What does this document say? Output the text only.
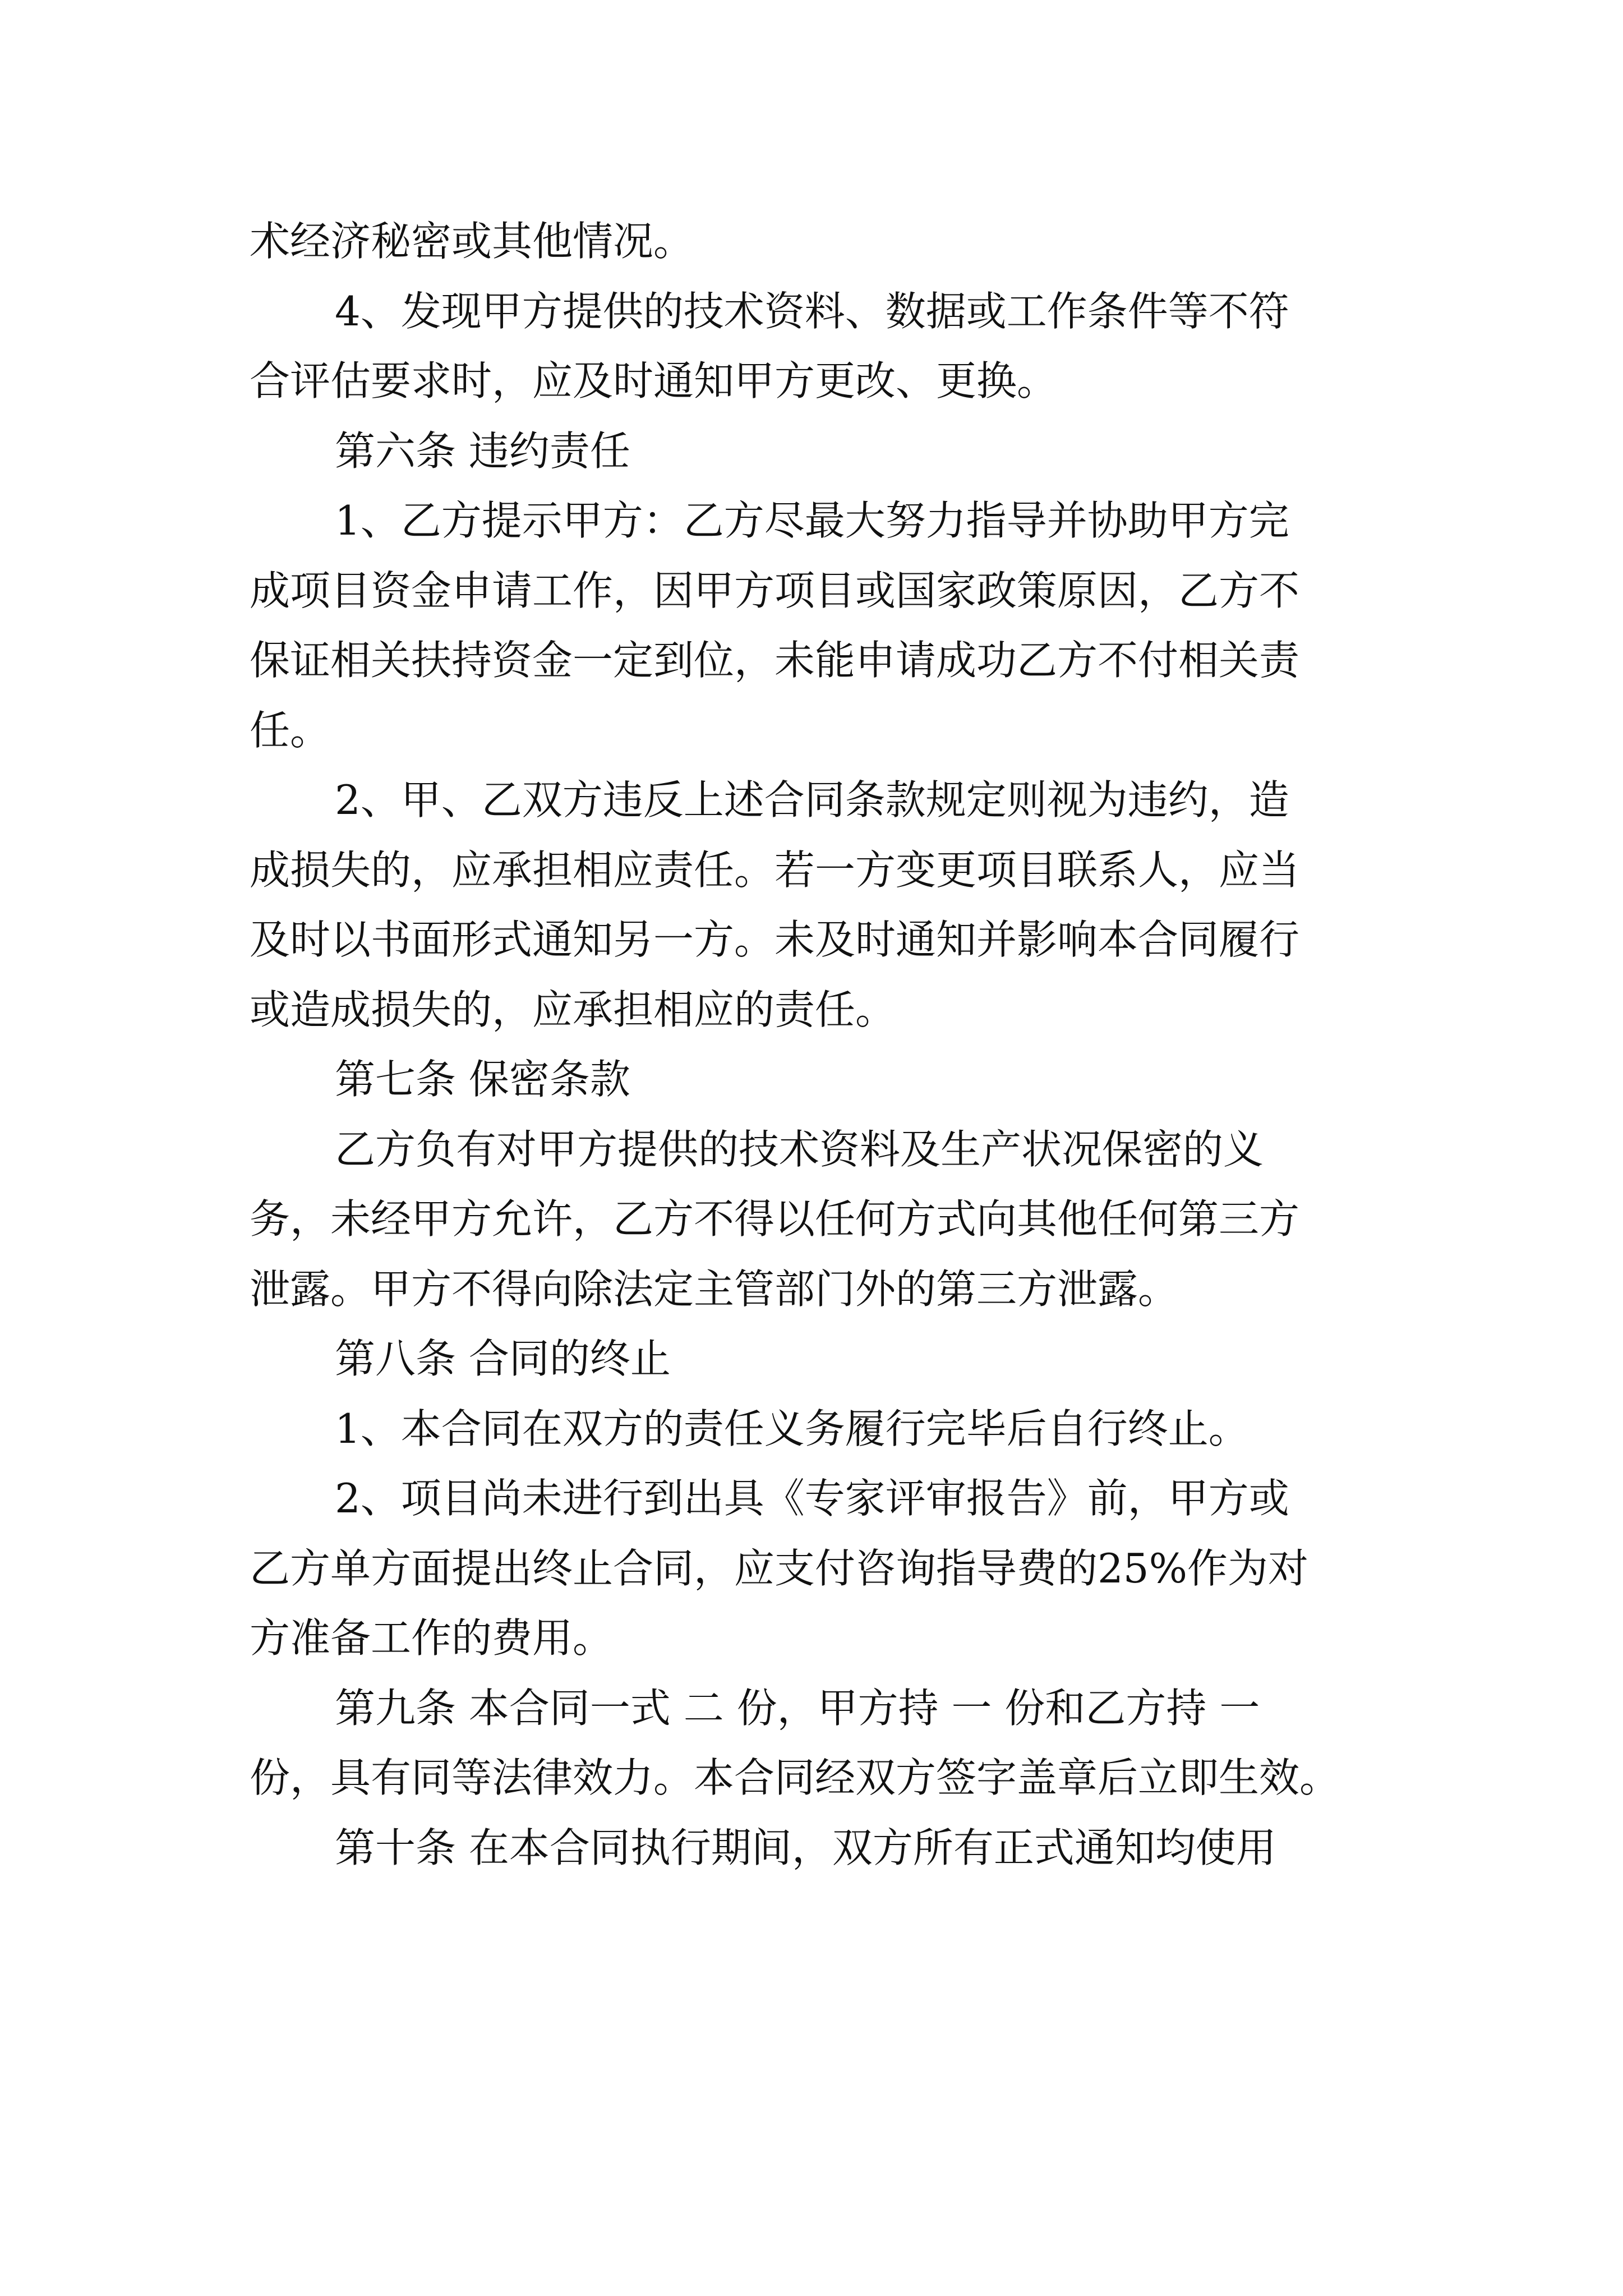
术经济秘密或其他情况。

4、发现甲方提供的技术资料、数据或工作条件等不符

合评估要求时，应及时通知甲方更改、更换。

第六条 违约责任

1、乙方提示甲方：乙方尽最大努力指导并协助甲方完

成项目资金申请工作，因甲方项目或国家政策原因，乙方不

保证相关扶持资金一定到位，未能申请成功乙方不付相关责

任。

2、甲、乙双方违反上述合同条款规定则视为违约，造

成损失的，应承担相应责任。若一方变更项目联系人，应当

及时以书面形式通知另一方。未及时通知并影响本合同履行

或造成损失的，应承担相应的责任。

第七条 保密条款

乙方负有对甲方提供的技术资料及生产状况保密的义

务，未经甲方允许，乙方不得以任何方式向其他任何第三方

泄露。甲方不得向除法定主管部门外的第三方泄露。

第八条 合同的终止

1、本合同在双方的责任义务履行完毕后自行终止。

2、项目尚未进行到出具《专家评审报告》前，甲方或

乙方单方面提出终止合同，应支付咨询指导费的25%作为对

方准备工作的费用。

第九条 本合同一式 二 份，甲方持 一 份和乙方持 一

份，具有同等法律效力。本合同经双方签字盖章后立即生效。

第十条 在本合同执行期间，双方所有正式通知均使用
